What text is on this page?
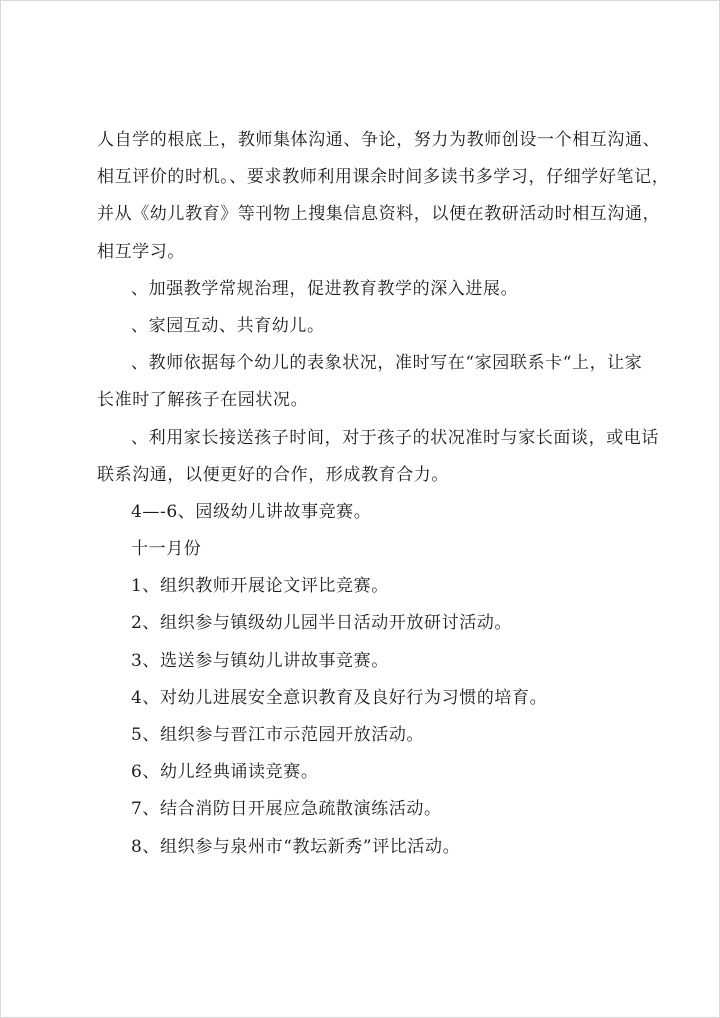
人自学的根底上，教师集体沟通、争论，努力为教师创设一个相互沟通、
相互评价的时机。、要求教师利用课余时间多读书多学习，仔细学好笔记，
并从《幼儿教育》等刊物上搜集信息资料，以便在教研活动时相互沟通，
相互学习。
、加强教学常规治理，促进教育教学的深入进展。
、家园互动、共育幼儿。
、教师依据每个幼儿的表象状况，准时写在“家园联系卡“上，让家
长准时了解孩子在园状况。
、利用家长接送孩子时间，对于孩子的状况准时与家长面谈，或电话
联系沟通，以便更好的合作，形成教育合力。
4—-6、园级幼儿讲故事竞赛。
十一月份
1、组织教师开展论文评比竞赛。
2、组织参与镇级幼儿园半日活动开放研讨活动。
3、选送参与镇幼儿讲故事竞赛。
4、对幼儿进展安全意识教育及良好行为习惯的培育。
5、组织参与晋江市示范园开放活动。
6、幼儿经典诵读竞赛。
7、结合消防日开展应急疏散演练活动。
8、组织参与泉州市“教坛新秀”评比活动。
